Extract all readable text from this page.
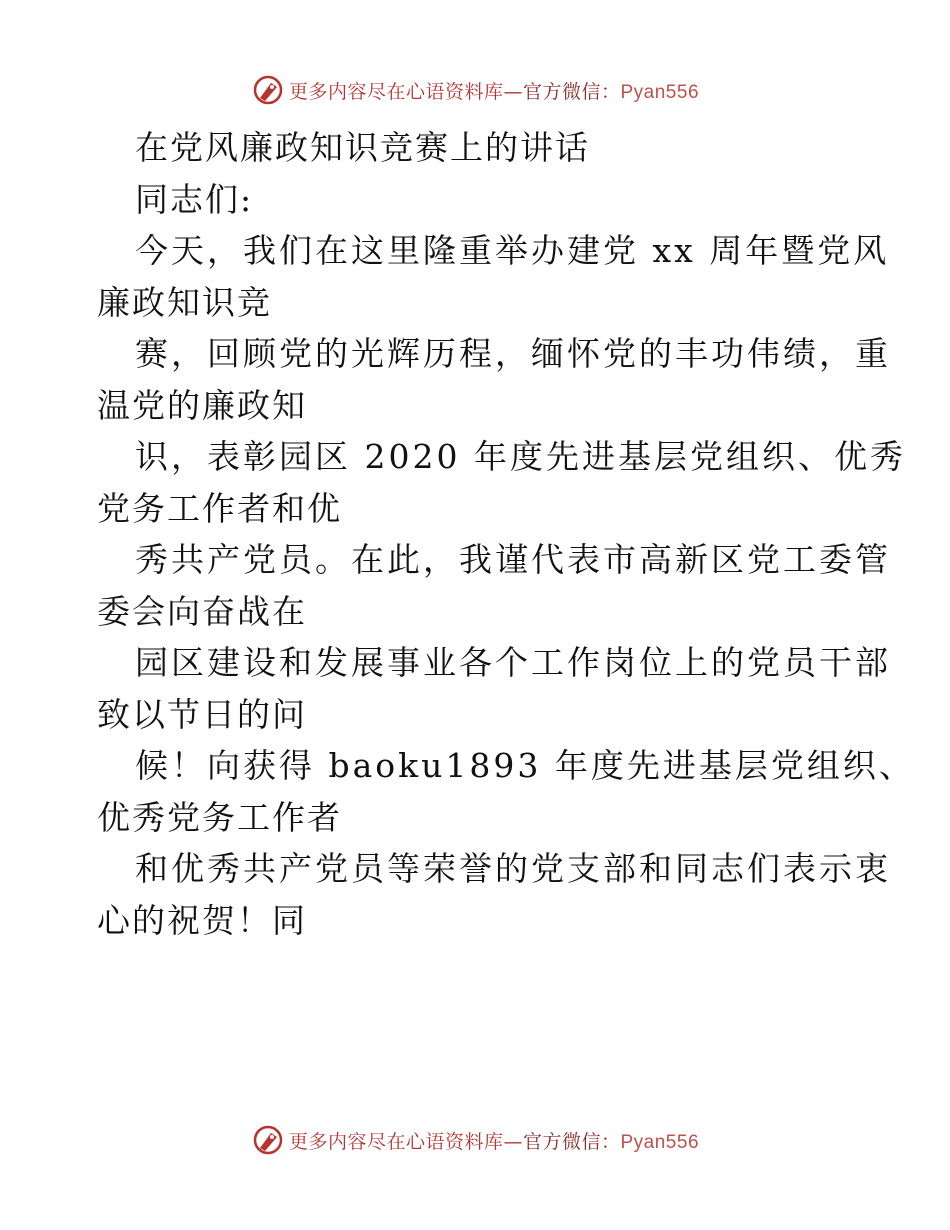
更多内容尽在心语资料库—官方微信：Pyan556
在党风廉政知识竞赛上的讲话
同志们:
今天，我们在这里隆重举办建党 xx 周年暨党风
廉政知识竞
赛，回顾党的光辉历程，缅怀党的丰功伟绩，重
温党的廉政知
识，表彰园区 2020 年度先进基层党组织、优秀
党务工作者和优
秀共产党员。在此，我谨代表市高新区党工委管
委会向奋战在
园区建设和发展事业各个工作岗位上的党员干部
致以节日的问
候！向获得 baoku1893 年度先进基层党组织、
优秀党务工作者
和优秀共产党员等荣誉的党支部和同志们表示衷
心的祝贺！同
更多内容尽在心语资料库—官方微信：Pyan556
